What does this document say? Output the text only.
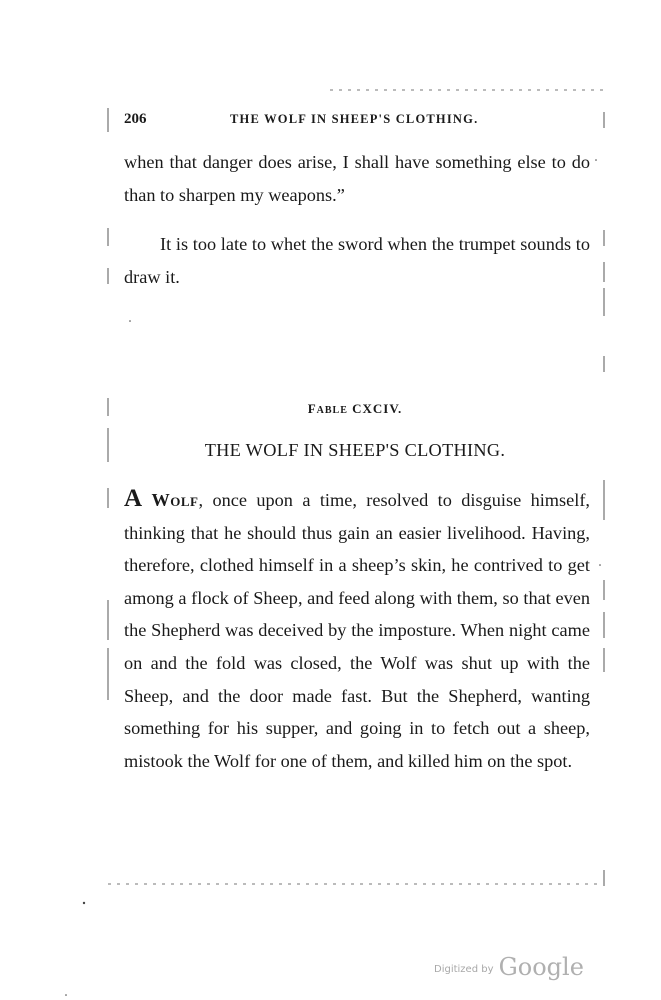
206	THE WOLF IN SHEEP'S CLOTHING.

when that danger does arise, I shall have something else to do than to sharpen my weapons.”

It is too late to whet the sword when the trumpet sounds to draw it.

FABLE CXCIV.
THE WOLF IN SHEEP'S CLOTHING.

A Wolf, once upon a time, resolved to disguise himself, thinking that he should thus gain an easier livelihood. Having, therefore, clothed himself in a sheep’s skin, he contrived to get among a flock of Sheep, and feed along with them, so that even the Shepherd was deceived by the imposture. When night came on and the fold was closed, the Wolf was shut up with the Sheep, and the door made fast. But the Shepherd, wanting something for his supper, and going in to fetch out a sheep, mistook the Wolf for one of them, and killed him on the spot.

Digitized by Google
